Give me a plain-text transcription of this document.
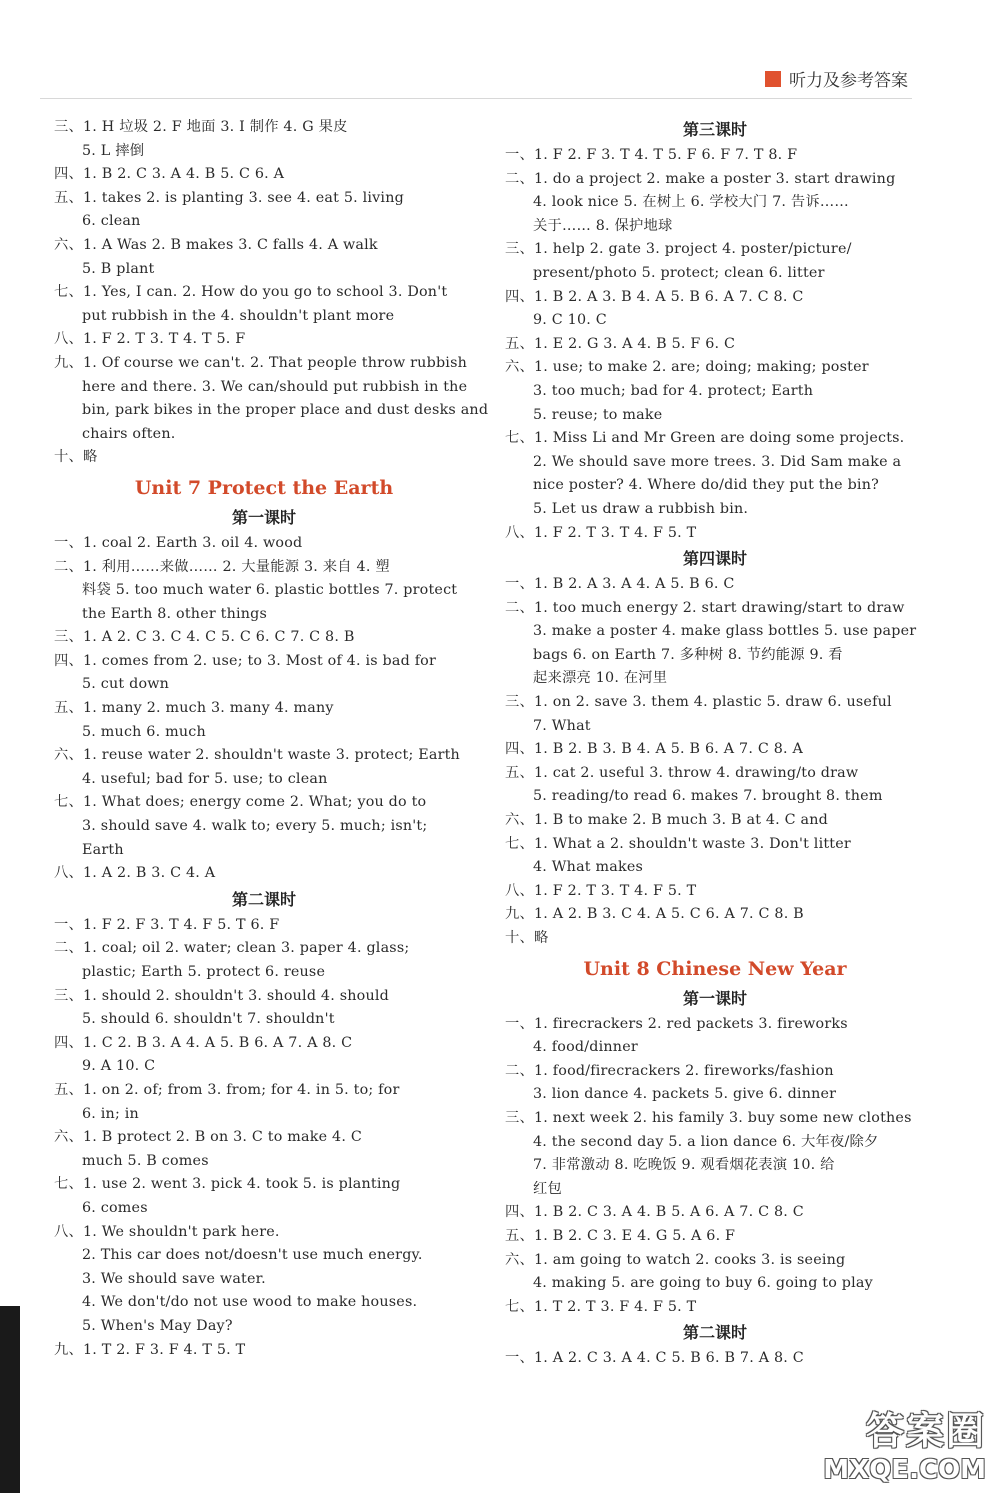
听力及参考答案
三、1. H 垃圾 2. F 地面 3. I 制作 4. G 果皮
5. L 摔倒
四、1. B 2. C 3. A 4. B 5. C 6. A
五、1. takes 2. is planting 3. see 4. eat 5. living
6. clean
六、1. A Was 2. B makes 3. C falls 4. A walk
5. B plant
七、1. Yes, I can. 2. How do you go to school 3. Don't
put rubbish in the 4. shouldn't plant more
八、1. F 2. T 3. T 4. T 5. F
九、1. Of course we can't. 2. That people throw rubbish
here and there. 3. We can/should put rubbish in the
bin, park bikes in the proper place and dust desks and
chairs often.
十、略
Unit 7 Protect the Earth
第一课时
一、1. coal 2. Earth 3. oil 4. wood
二、1. 利用……来做…… 2. 大量能源 3. 来自 4. 塑
料袋 5. too much water 6. plastic bottles 7. protect
the Earth 8. other things
三、1. A 2. C 3. C 4. C 5. C 6. C 7. C 8. B
四、1. comes from 2. use; to 3. Most of 4. is bad for
5. cut down
五、1. many 2. much 3. many 4. many
5. much 6. much
六、1. reuse water 2. shouldn't waste 3. protect; Earth
4. useful; bad for 5. use; to clean
七、1. What does; energy come 2. What; you do to
3. should save 4. walk to; every 5. much; isn't;
Earth
八、1. A 2. B 3. C 4. A
第二课时
一、1. F 2. F 3. T 4. F 5. T 6. F
二、1. coal; oil 2. water; clean 3. paper 4. glass;
plastic; Earth 5. protect 6. reuse
三、1. should 2. shouldn't 3. should 4. should
5. should 6. shouldn't 7. shouldn't
四、1. C 2. B 3. A 4. A 5. B 6. A 7. A 8. C
9. A 10. C
五、1. on 2. of; from 3. from; for 4. in 5. to; for
6. in; in
六、1. B protect 2. B on 3. C to make 4. C
much 5. B comes
七、1. use 2. went 3. pick 4. took 5. is planting
6. comes
八、1. We shouldn't park here.
2. This car does not/doesn't use much energy.
3. We should save water.
4. We don't/do not use wood to make houses.
5. When's May Day?
九、1. T 2. F 3. F 4. T 5. T
第三课时
一、1. F 2. F 3. T 4. T 5. F 6. F 7. T 8. F
二、1. do a project 2. make a poster 3. start drawing
4. look nice 5. 在树上 6. 学校大门 7. 告诉……
关于…… 8. 保护地球
三、1. help 2. gate 3. project 4. poster/picture/
present/photo 5. protect; clean 6. litter
四、1. B 2. A 3. B 4. A 5. B 6. A 7. C 8. C
9. C 10. C
五、1. E 2. G 3. A 4. B 5. F 6. C
六、1. use; to make 2. are; doing; making; poster
3. too much; bad for 4. protect; Earth
5. reuse; to make
七、1. Miss Li and Mr Green are doing some projects.
2. We should save more trees. 3. Did Sam make a
nice poster? 4. Where do/did they put the bin?
5. Let us draw a rubbish bin.
八、1. F 2. T 3. T 4. F 5. T
第四课时
一、1. B 2. A 3. A 4. A 5. B 6. C
二、1. too much energy 2. start drawing/start to draw
3. make a poster 4. make glass bottles 5. use paper
bags 6. on Earth 7. 多种树 8. 节约能源 9. 看
起来漂亮 10. 在河里
三、1. on 2. save 3. them 4. plastic 5. draw 6. useful
7. What
四、1. B 2. B 3. B 4. A 5. B 6. A 7. C 8. A
五、1. cat 2. useful 3. throw 4. drawing/to draw
5. reading/to read 6. makes 7. brought 8. them
六、1. B to make 2. B much 3. B at 4. C and
七、1. What a 2. shouldn't waste 3. Don't litter
4. What makes
八、1. F 2. T 3. T 4. F 5. T
九、1. A 2. B 3. C 4. A 5. C 6. A 7. C 8. B
十、略
Unit 8 Chinese New Year
第一课时
一、1. firecrackers 2. red packets 3. fireworks
4. food/dinner
二、1. food/firecrackers 2. fireworks/fashion
3. lion dance 4. packets 5. give 6. dinner
三、1. next week 2. his family 3. buy some new clothes
4. the second day 5. a lion dance 6. 大年夜/除夕
7. 非常激动 8. 吃晚饭 9. 观看烟花表演 10. 给
红包
四、1. B 2. C 3. A 4. B 5. A 6. A 7. C 8. C
五、1. B 2. C 3. E 4. G 5. A 6. F
六、1. am going to watch 2. cooks 3. is seeing
4. making 5. are going to buy 6. going to play
七、1. T 2. T 3. F 4. F 5. T
第二课时
一、1. A 2. C 3. A 4. C 5. B 6. B 7. A 8. C
答案圈
MXQE.COM
